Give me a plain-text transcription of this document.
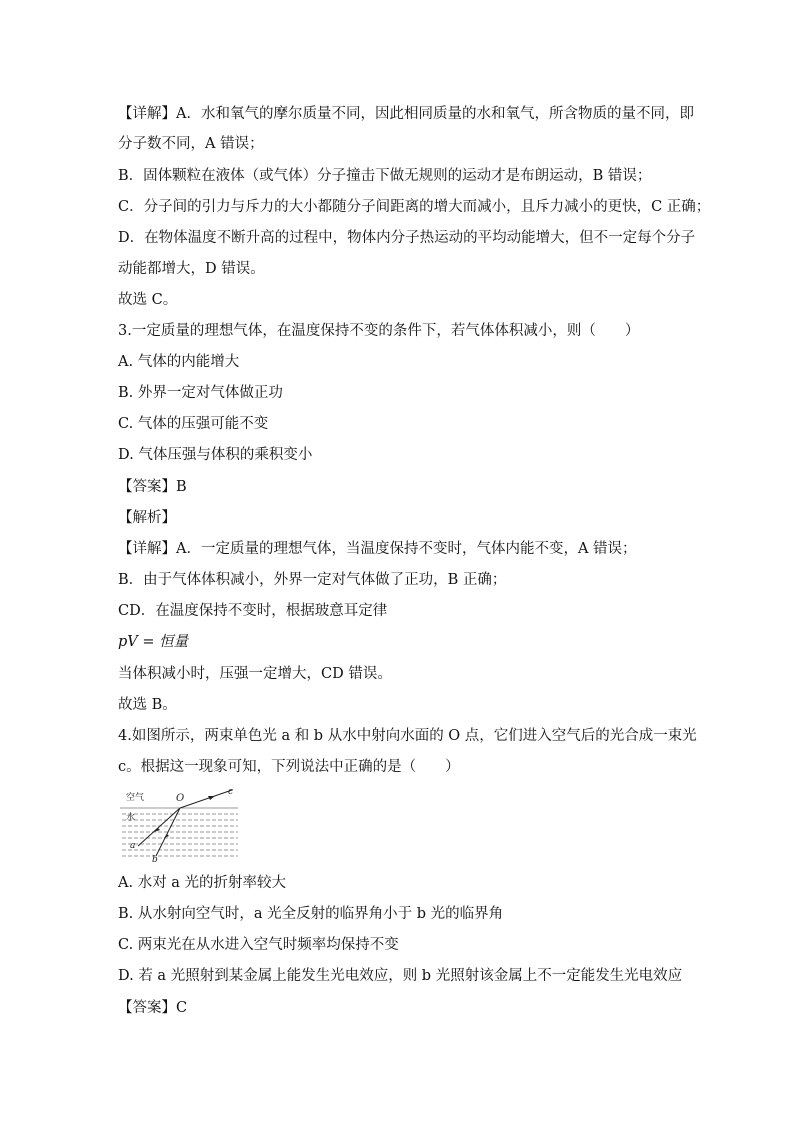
【详解】A．水和氧气的摩尔质量不同，因此相同质量的水和氧气，所含物质的量不同，即
分子数不同，A 错误；
B．固体颗粒在液体（或气体）分子撞击下做无规则的运动才是布朗运动，B 错误；
C．分子间的引力与斥力的大小都随分子间距离的增大而减小，且斥力减小的更快，C 正确；
D．在物体温度不断升高的过程中，物体内分子热运动的平均动能增大，但不一定每个分子
动能都增大，D 错误。
故选 C。
3.一定质量的理想气体，在温度保持不变的条件下，若气体体积减小，则（　　）
A. 气体的内能增大
B. 外界一定对气体做正功
C. 气体的压强可能不变
D. 气体压强与体积的乘积变小
【答案】B
【解析】
【详解】A．一定质量的理想气体，当温度保持不变时，气体内能不变，A 错误；
B．由于气体体积减小，外界一定对气体做了正功，B 正确；
CD．在温度保持不变时，根据玻意耳定律
pV = 恒量
当体积减小时，压强一定增大，CD 错误。
故选 B。
4.如图所示，两束单色光 a 和 b 从水中射向水面的 O 点，它们进入空气后的光合成一束光
c。根据这一现象可知，下列说法中正确的是（　　）
空气
水
O
a
b
c
A. 水对 a 光的折射率较大
B. 从水射向空气时，a 光全反射的临界角小于 b 光的临界角
C. 两束光在从水进入空气时频率均保持不变
D. 若 a 光照射到某金属上能发生光电效应，则 b 光照射该金属上不一定能发生光电效应
【答案】C
